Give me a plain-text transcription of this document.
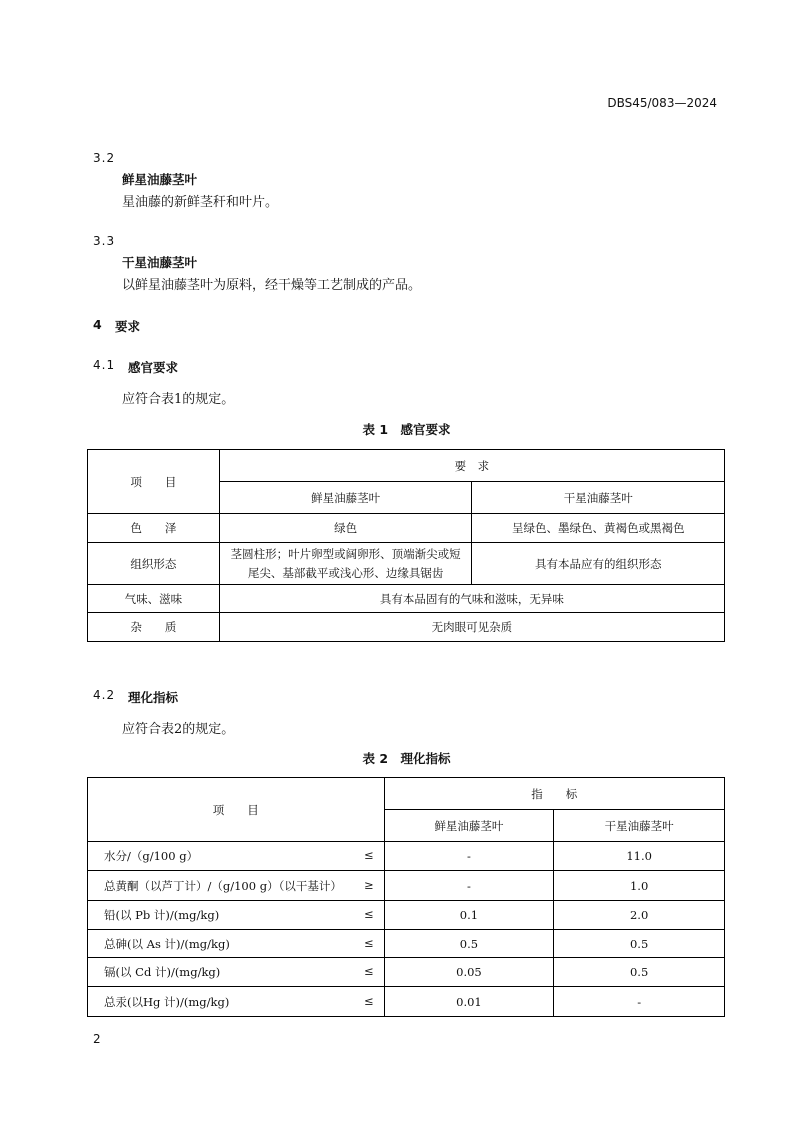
DBS45/083—2024
3.2
鲜星油藤茎叶
星油藤的新鲜茎秆和叶片。
3.3
干星油藤茎叶
以鲜星油藤茎叶为原料，经干燥等工艺制成的产品。
4 要求
4.1 感官要求
应符合表1的规定。
表 1　感官要求
项　　目	要　求	
	鲜星油藤茎叶	干星油藤茎叶
色　　泽	绿色	呈绿色、墨绿色、黄褐色或黑褐色
组织形态	茎圆柱形；叶片卵型或阔卵形、顶端渐尖或短尾尖、基部截平或浅心形、边缘具锯齿	具有本品应有的组织形态
气味、滋味	具有本品固有的气味和滋味，无异味	
杂　　质	无肉眼可见杂质	
4.2 理化指标
应符合表2的规定。
表 2　理化指标
项　　目	指　　标	
	鲜星油藤茎叶	干星油藤茎叶

水分/（g/100 g） ≤	-	11.0

总黄酮（以芦丁计）/（g/100 g）（以干基计） ≥	-	1.0

铅(以 Pb 计)/(mg/kg) ≤	0.1	2.0

总砷(以 As 计)/(mg/kg) ≤	0.5	0.5

镉(以 Cd 计)/(mg/kg) ≤	0.05	0.5

总汞(以Hg 计)/(mg/kg) ≤	0.01	-
2
